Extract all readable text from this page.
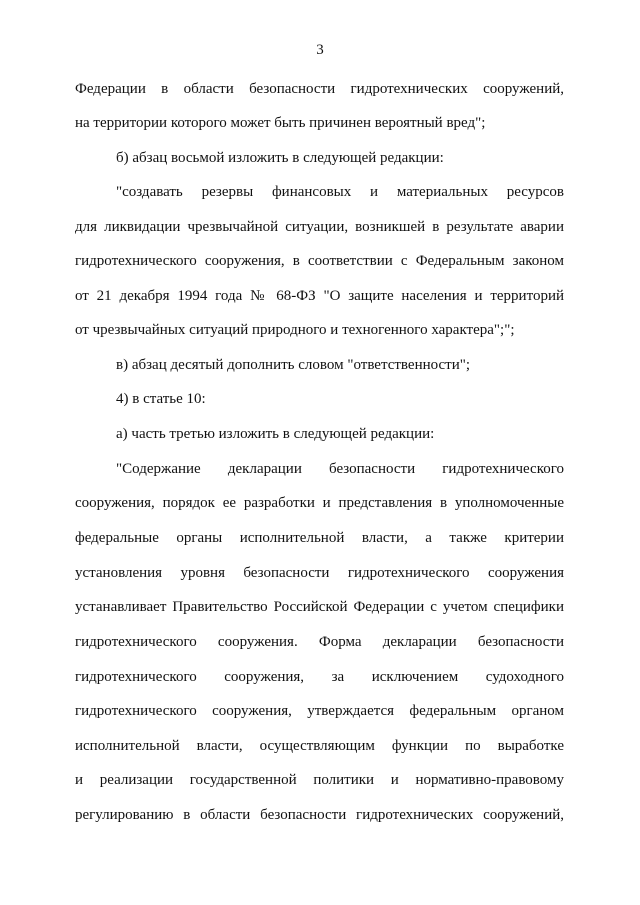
3
Федерации в области безопасности гидротехнических сооружений,
на территории которого может быть причинен вероятный вред";
б) абзац восьмой изложить в следующей редакции:
"создавать резервы финансовых и материальных ресурсов
для ликвидации чрезвычайной ситуации, возникшей в результате аварии
гидротехнического сооружения, в соответствии с Федеральным законом
от 21 декабря 1994 года № 68-ФЗ "О защите населения и территорий
от чрезвычайных ситуаций природного и техногенного характера";";
в) абзац десятый дополнить словом "ответственности";
4) в статье 10:
а) часть третью изложить в следующей редакции:
"Содержание декларации безопасности гидротехнического
сооружения, порядок ее разработки и представления в уполномоченные
федеральные органы исполнительной власти, а также критерии
установления уровня безопасности гидротехнического сооружения
устанавливает Правительство Российской Федерации с учетом специфики
гидротехнического сооружения. Форма декларации безопасности
гидротехнического сооружения, за исключением судоходного
гидротехнического сооружения, утверждается федеральным органом
исполнительной власти, осуществляющим функции по выработке
и реализации государственной политики и нормативно-правовому
регулированию в области безопасности гидротехнических сооружений,
